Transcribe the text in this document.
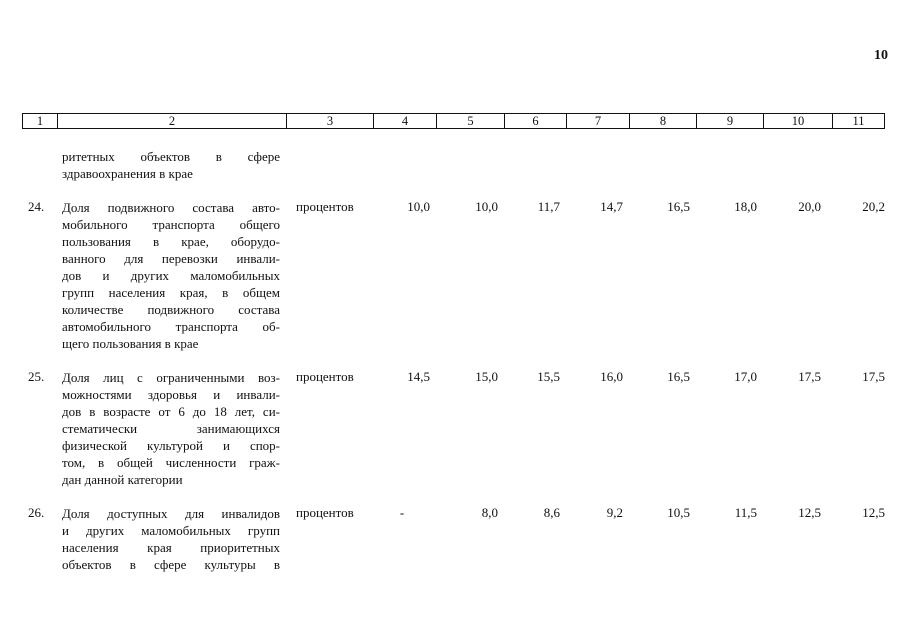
10
1	2	3	4	5	6	7	8	9	10	11
ритетных объектов в сфере
здравоохранения в крае
24.	Доля подвижного состава авто-
мобильного транспорта общего
пользования в крае, оборудо-
ванного для перевозки инвали-
дов и других маломобильных
групп населения края, в общем
количестве подвижного состава
автомобильного транспорта об-
щего пользования в крае
процентов	10,0	10,0	11,7	14,7	16,5	18,0	20,0	20,2
25.	Доля лиц с ограниченными воз-
можностями здоровья и инвали-
дов в возрасте от 6 до 18 лет, си-
стематически занимающихся
физической культурой и спор-
том, в общей численности граж-
дан данной категории
процентов	14,5	15,0	15,5	16,0	16,5	17,0	17,5	17,5
26.	Доля доступных для инвалидов
и других маломобильных групп
населения края приоритетных
объектов в сфере культуры в
процентов	-	8,0	8,6	9,2	10,5	11,5	12,5	12,5
